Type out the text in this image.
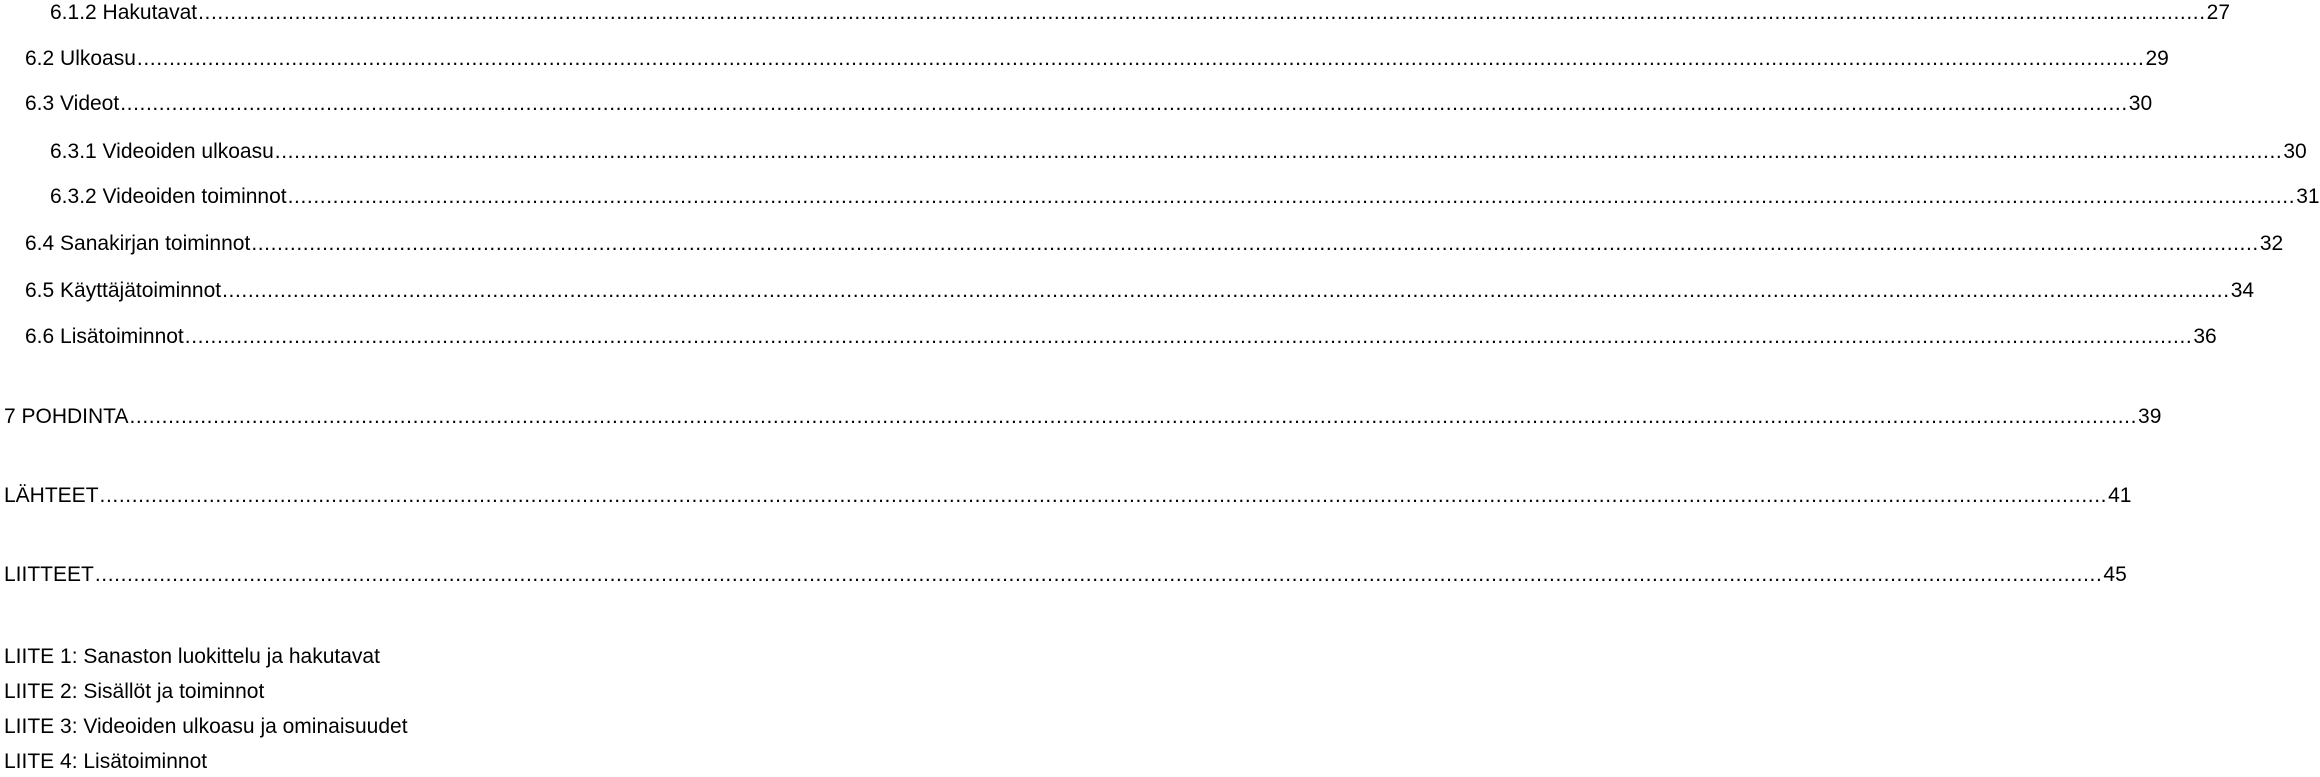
6.1.2 Hakutavat ........................................................................................................................................................................................................................................................................................................................ 27
6.2 Ulkoasu ........................................................................................................................................................................................................................................................................................................................ 29
6.3 Videot ........................................................................................................................................................................................................................................................................................................................ 30
6.3.1 Videoiden ulkoasu ........................................................................................................................................................................................................................................................................................................................ 30
6.3.2 Videoiden toiminnot ........................................................................................................................................................................................................................................................................................................................ 31
6.4 Sanakirjan toiminnot ........................................................................................................................................................................................................................................................................................................................ 32
6.5 Käyttäjätoiminnot ........................................................................................................................................................................................................................................................................................................................ 34
6.6 Lisätoiminnot ........................................................................................................................................................................................................................................................................................................................ 36
7 POHDINTA ........................................................................................................................................................................................................................................................................................................................ 39
LÄHTEET ........................................................................................................................................................................................................................................................................................................................ 41
LIITTEET ........................................................................................................................................................................................................................................................................................................................ 45
LIITE 1: Sanaston luokittelu ja hakutavat
LIITE 2: Sisällöt ja toiminnot
LIITE 3: Videoiden ulkoasu ja ominaisuudet
LIITE 4: Lisätoiminnot
